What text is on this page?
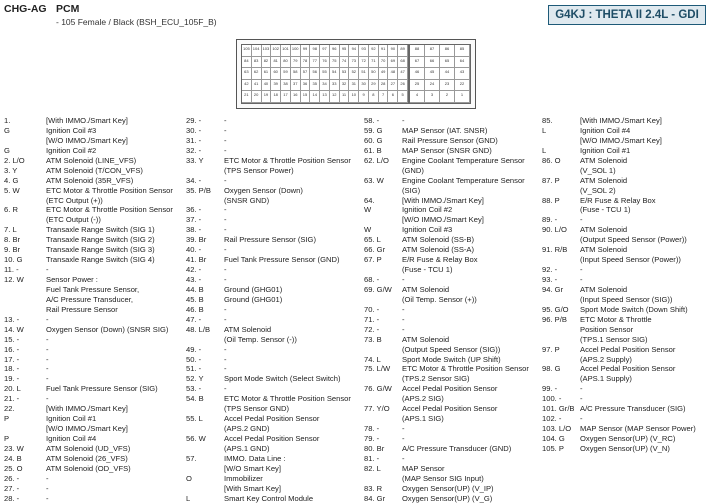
CHG-AG PCM
- 105 Female / Black (BSH_ECU_105F_B)
G4KJ : THETA II 2.4L - GDI
105 104 103 102 101 100	99	98	97	96	95	94	93	92	91	90	89
84	83	82	81	80	79	78	77	76	75	74	73	72	71	70	69	68
63	62	61	60	59	58	57	56	55	54	53	52	51	50	49	48	47
42	41	40	39	38	37	36	35	34	33	32	31	30	29	28	27	26
21	20	19	18	17	16	15	14	13	12	11	10	9	8	7	6	5
88	87	86	85
67	66	65	64
46	45	44	43
25	24	23	22
4	3	2	1
1.	[With IMMO./Smart Key]
G	Ignition Coil #3
[W/O IMMO./Smart Key]
G	Ignition Coil #2
2. L/O	ATM Solenoid (LINE_VFS)
3. Y	ATM Solenoid (T/CON_VFS)
4. G	ATM Solenoid (35R_VFS)
5. W	ETC Motor & Throttle Position Sensor
(ETC Output (+))
6. R	ETC Motor & Throttle Position Sensor
(ETC Output (-))
7. L	Transaxle Range Switch (SIG 1)
8. Br	Transaxle Range Switch (SIG 2)
9. Br	Transaxle Range Switch (SIG 3)
10. G	Transaxle Range Switch (SIG 4)
11. -	-
12. W	Sensor Power :
Fuel Tank Pressure Sensor,
A/C Pressure Transducer,
Rail Pressure Sensor
13. -	-
14. W	Oxygen Sensor (Down) (SNSR SIG)
15. -	-
16. -	-
17. -	-
18. -	-
19. -	-
20. L	Fuel Tank Pressure Sensor (SIG)
21. -	-
22.	[With IMMO./Smart Key]
P	Ignition Coil #1
[W/O IMMO./Smart Key]
P	Ignition Coil #4
23. W	ATM Solenoid (UD_VFS)
24. B	ATM Solenoid (26_VFS)
25. O	ATM Solenoid (OD_VFS)
26. -	-
27. -	-
28. -	-
29. -	-
30. -	-
31. -	-
32. -	-
33. Y	ETC Motor & Throttle Position Sensor
(TPS Sensor Power)
34. -	-
35. P/B Oxygen Sensor (Down)
(SNSR GND)
36. -	-
37. -	-
38. -	-
39. Br Rail Pressure Sensor (SIG)
40. -	-
41. Br Fuel Tank Pressure Sensor (GND)
42. -	-
43. -	-
44. B	Ground (GHG01)
45. B	Ground (GHG01)
46. B	-
47. -	-
48. L/B ATM Solenoid
(Oil Temp. Sensor (-))
49. -	-
50. -	-
51. -	-
52. Y	Sport Mode Switch (Select Switch)
53. -	-
54. B	ETC Motor & Throttle Position Sensor
(TPS Sensor GND)
55. L	Accel Pedal Position Sensor
(APS.2 GND)
56. W Accel Pedal Position Sensor
(APS.1 GND)
57.	IMMO. Data Line :
[W/O Smart Key]
O	Immobilizer
[With Smart Key]
L	Smart Key Control Module
58. -	-
59. G	MAP Sensor (IAT. SNSR)
60. G	Rail Pressure Sensor (GND)
61. B	MAP Sensor (SNSR GND)
62. L/O Engine Coolant Temperature Sensor
(GND)
63. W Engine Coolant Temperature Sensor
(SIG)
64.	[With IMMO./Smart Key]
W	Ignition Coil #2
[W/O IMMO./Smart Key]
W	Ignition Coil #3
65. L	ATM Solenoid (SS-B)
66. Gr ATM Solenoid (SS-A)
67. P	E/R Fuse & Relay Box
(Fuse - TCU 1)
68. -	-
69. G/W ATM Solenoid
(Oil Temp. Sensor (+))
70. -	-
71. -	-
72. -	-
73. B	ATM Solenoid
(Output Speed Sensor (SIG))
74. L	Sport Mode Switch (UP Shift)
75. L/W ETC Motor & Throttle Position Sensor
(TPS.2 Sensor SIG)
76. G/W Accel Pedal Position Sensor
(APS.2 SIG)
77. Y/O Accel Pedal Position Sensor
(APS.1 SIG)
78. -	-
79. -	-
80. Br A/C Pressure Transducer (GND)
81. -	-
82. L	MAP Sensor
(MAP Sensor SIG Input)
83. R	Oxygen Sensor(UP) (V_IP)
84. Gr Oxygen Sensor(UP) (V_G)
85.	[With IMMO./Smart Key]
L	Ignition Coil #4
[W/O IMMO./Smart Key]
L	Ignition Coil #1
86. O	ATM Solenoid
(V_SOL 1)
87. P	ATM Solenoid
(V_SOL 2)
88. P	E/R Fuse & Relay Box
(Fuse - TCU 1)
89. -	-
90. L/O ATM Solenoid
(Output Speed Sensor (Power))
91. R/B ATM Solenoid
(Input Speed Sensor (Power))
92. -	-
93. -	-
94. Gr ATM Solenoid
(Input Speed Sensor (SIG))
95. G/O Sport Mode Switch (Down Shift)
96. P/B ETC Motor & Throttle
Position Sensor
(TPS.1 Sensor SIG)
97. P	Accel Pedal Position Sensor
(APS.2 Supply)
98. G	Accel Pedal Position Sensor
(APS.1 Supply)
99. -	-
100. - -
101. Gr/B A/C Pressure Transducer (SIG)
102. - -
103. L/O MAP Sensor (MAP Sensor Power)
104. G Oxygen Sensor(UP) (V_RC)
105. P Oxygen Sensor(UP) (V_N)
